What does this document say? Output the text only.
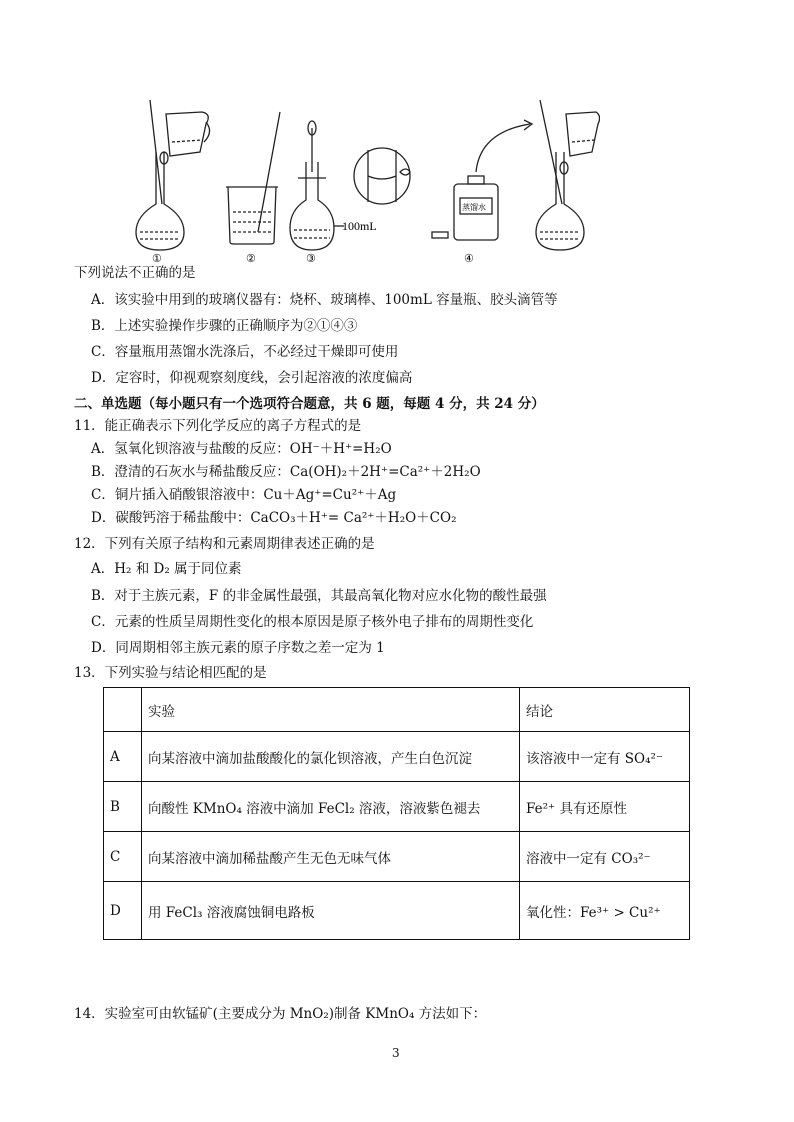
蒸馏水
100mL
①	②	③	④
下列说法不正确的是
A．该实验中用到的玻璃仪器有：烧杯、玻璃棒、100mL 容量瓶、胶头滴管等
B．上述实验操作步骤的正确顺序为②①④③
C．容量瓶用蒸馏水洗涤后，不必经过干燥即可使用
D．定容时，仰视观察刻度线，会引起溶液的浓度偏高
二、单选题（每小题只有一个选项符合题意，共 6 题，每题 4 分，共 24 分）
11．能正确表示下列化学反应的离子方程式的是
A．氢氧化钡溶液与盐酸的反应：OH⁻＋H⁺=H₂O
B．澄清的石灰水与稀盐酸反应：Ca(OH)₂＋2H⁺=Ca²⁺＋2H₂O
C．铜片插入硝酸银溶液中：Cu＋Ag⁺=Cu²⁺＋Ag
D．碳酸钙溶于稀盐酸中：CaCO₃＋H⁺= Ca²⁺＋H₂O＋CO₂
12．下列有关原子结构和元素周期律表述正确的是
A．H₂ 和 D₂ 属于同位素
B．对于主族元素，F 的非金属性最强，其最高氧化物对应水化物的酸性最强
C．元素的性质呈周期性变化的根本原因是原子核外电子排布的周期性变化
D．同周期相邻主族元素的原子序数之差一定为 1
13．下列实验与结论相匹配的是
	实验	结论
A	向某溶液中滴加盐酸酸化的氯化钡溶液，产生白色沉淀	该溶液中一定有 SO₄²⁻
B	向酸性 KMnO₄ 溶液中滴加 FeCl₂ 溶液，溶液紫色褪去	Fe²⁺ 具有还原性
C	向某溶液中滴加稀盐酸产生无色无味气体	溶液中一定有 CO₃²⁻
D	用 FeCl₃ 溶液腐蚀铜电路板	氧化性：Fe³⁺ > Cu²⁺
14．实验室可由软锰矿(主要成分为 MnO₂)制备 KMnO₄ 方法如下：
3
